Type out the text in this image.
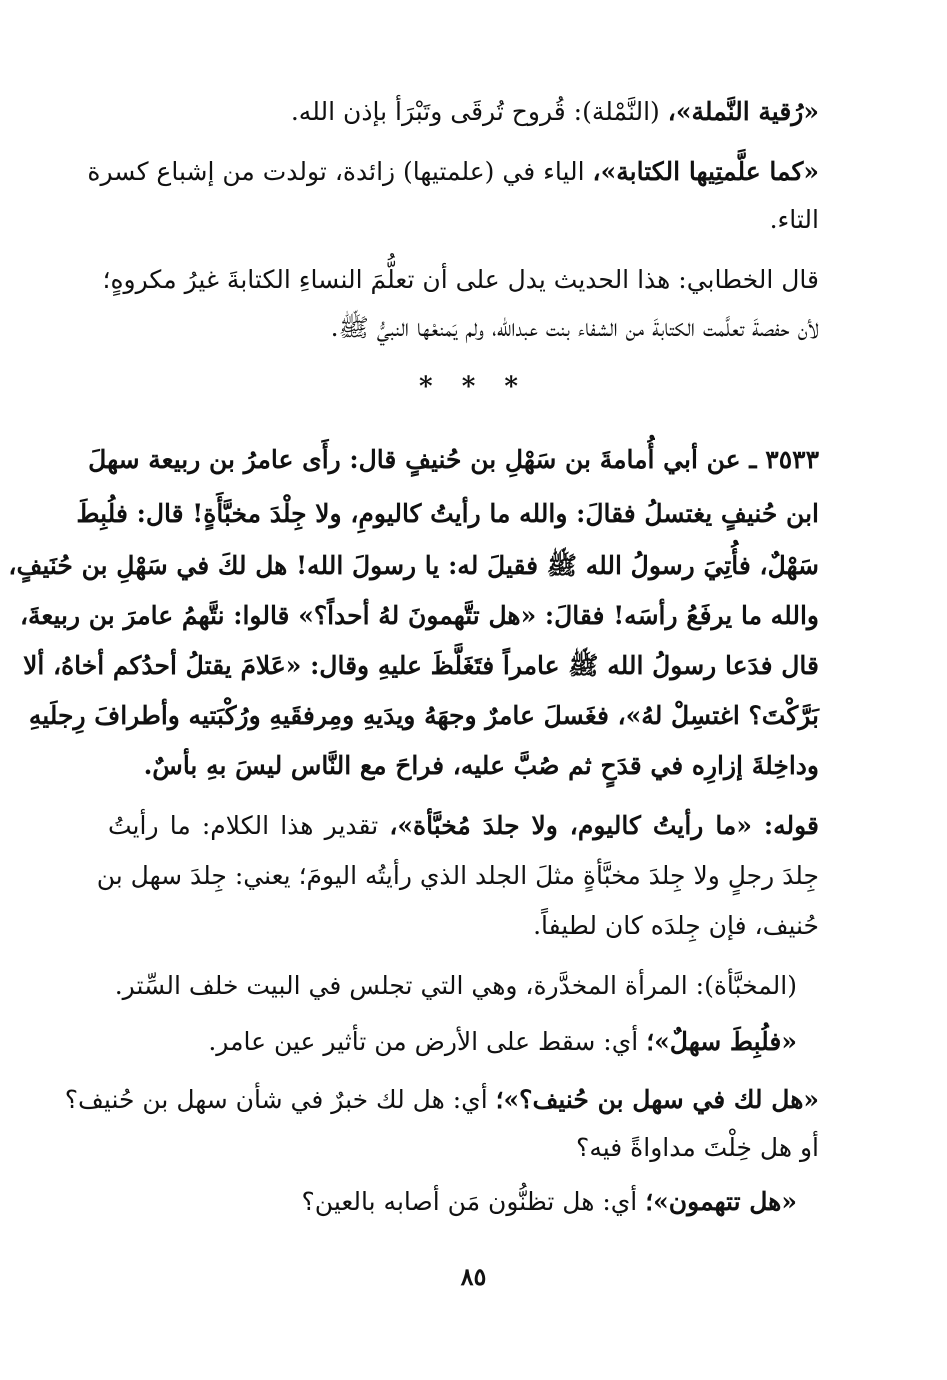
«رُقية النَّملة»، (النَّمْلة): قُروح تُرقَى وتَبْرَأ بإذن الله.
«كما علَّمتِيها الكتابة»، الياء في (علمتيها) زائدة، تولدت من إشباع كسرة
التاء.
قال الخطابي: هذا الحديث يدل على أن تعلُّمَ النساءِ الكتابةَ غيرُ مكروهٍ؛
لأن حفصةَ تعلَّمت الكتابةَ من الشفاء بنت عبدالله، ولم يَمنعْها النبيُّ ﷺ.
* * *
٣٥٣٣ ـ عن أبي أُمامةَ بن سَهْلِ بن حُنيفٍ قال: رأَى عامرُ بن ربيعة سهلَ
ابن حُنيفٍ يغتسلُ فقالَ: والله ما رأيتُ كاليومِ، ولا جِلْدَ مخبَّأَةٍ! قال: فلُبِطَ
سَهْلٌ، فأُتِيَ رسولُ الله ﷺ فقيلَ له: يا رسولَ الله! هل لكَ في سَهْلِ بن حُنَيفٍ،
والله ما يرفَعُ رأسَه! فقالَ: «هل تتَّهمونَ لهُ أحداً؟» قالوا: نتَّهمُ عامرَ بن ربيعةَ،
قال فدَعا رسولُ الله ﷺ عامراً فتَغَلَّظَ عليهِ وقال: «عَلامَ يقتلُ أحدُكم أخاهُ، ألا
بَرَّكْتَ؟ اغتسِلْ لهُ»، فغَسلَ عامرٌ وجهَهُ ويدَيهِ ومِرفقَيهِ ورُكْبَتيه وأطرافَ رِجلَيهِ
وداخِلةَ إزارِه في قدَحٍ ثم صُبَّ عليه، فراحَ مع النَّاس ليسَ بهِ بأسٌ.
قوله: «ما رأيتُ كاليوم، ولا جلدَ مُخبَّأة»، تقدير هذا الكلام: ما رأيتُ
جِلدَ رجلٍ ولا جِلدَ مخبَّأةٍ مثلَ الجلد الذي رأيتُه اليومَ؛ يعني: جِلدَ سهل بن
حُنيف، فإن جِلدَه كان لطيفاً.
(المخبَّأة): المرأة المخدَّرة، وهي التي تجلس في البيت خلف السِّتر.
«فلُبِطَ سهلٌ»؛ أي: سقط على الأرض من تأثير عين عامر.
«هل لك في سهل بن حُنيف؟»؛ أي: هل لك خبرٌ في شأن سهل بن حُنيف؟
أو هل خِلْتَ مداواةً فيه؟
«هل تتهمون»؛ أي: هل تظنُّون مَن أصابه بالعين؟
٨٥
